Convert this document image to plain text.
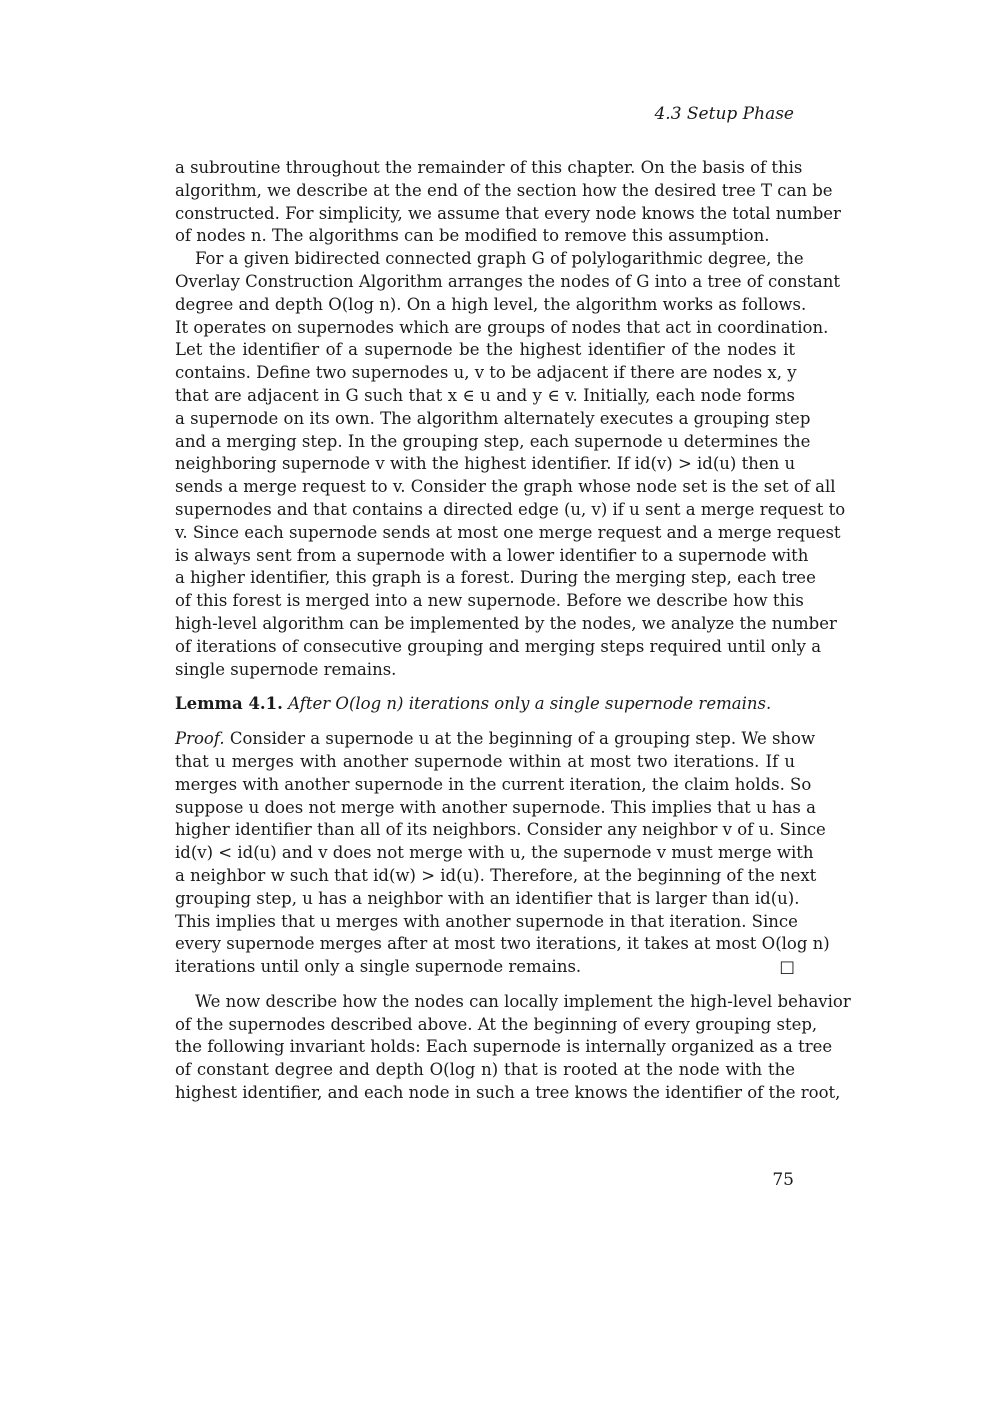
4.3 Setup Phase
a subroutine throughout the remainder of this chapter. On the basis of this
algorithm, we describe at the end of the section how the desired tree T can be
constructed. For simplicity, we assume that every node knows the total number
of nodes n. The algorithms can be modified to remove this assumption.
For a given bidirected connected graph G of polylogarithmic degree, the
Overlay Construction Algorithm arranges the nodes of G into a tree of constant
degree and depth O(log n). On a high level, the algorithm works as follows.
It operates on supernodes which are groups of nodes that act in coordination.
Let the identifier of a supernode be the highest identifier of the nodes it
contains. Define two supernodes u, v to be adjacent if there are nodes x, y
that are adjacent in G such that x ∈ u and y ∈ v. Initially, each node forms
a supernode on its own. The algorithm alternately executes a grouping step
and a merging step. In the grouping step, each supernode u determines the
neighboring supernode v with the highest identifier. If id(v) > id(u) then u
sends a merge request to v. Consider the graph whose node set is the set of all
supernodes and that contains a directed edge (u, v) if u sent a merge request to
v. Since each supernode sends at most one merge request and a merge request
is always sent from a supernode with a lower identifier to a supernode with
a higher identifier, this graph is a forest. During the merging step, each tree
of this forest is merged into a new supernode. Before we describe how this
high-level algorithm can be implemented by the nodes, we analyze the number
of iterations of consecutive grouping and merging steps required until only a
single supernode remains.
Lemma 4.1. After O(log n) iterations only a single supernode remains.
Proof. Consider a supernode u at the beginning of a grouping step. We show
that u merges with another supernode within at most two iterations. If u
merges with another supernode in the current iteration, the claim holds. So
suppose u does not merge with another supernode. This implies that u has a
higher identifier than all of its neighbors. Consider any neighbor v of u. Since
id(v) < id(u) and v does not merge with u, the supernode v must merge with
a neighbor w such that id(w) > id(u). Therefore, at the beginning of the next
grouping step, u has a neighbor with an identifier that is larger than id(u).
This implies that u merges with another supernode in that iteration. Since
every supernode merges after at most two iterations, it takes at most O(log n)
iterations until only a single supernode remains.	□
We now describe how the nodes can locally implement the high-level behavior
of the supernodes described above. At the beginning of every grouping step,
the following invariant holds: Each supernode is internally organized as a tree
of constant degree and depth O(log n) that is rooted at the node with the
highest identifier, and each node in such a tree knows the identifier of the root,
75
